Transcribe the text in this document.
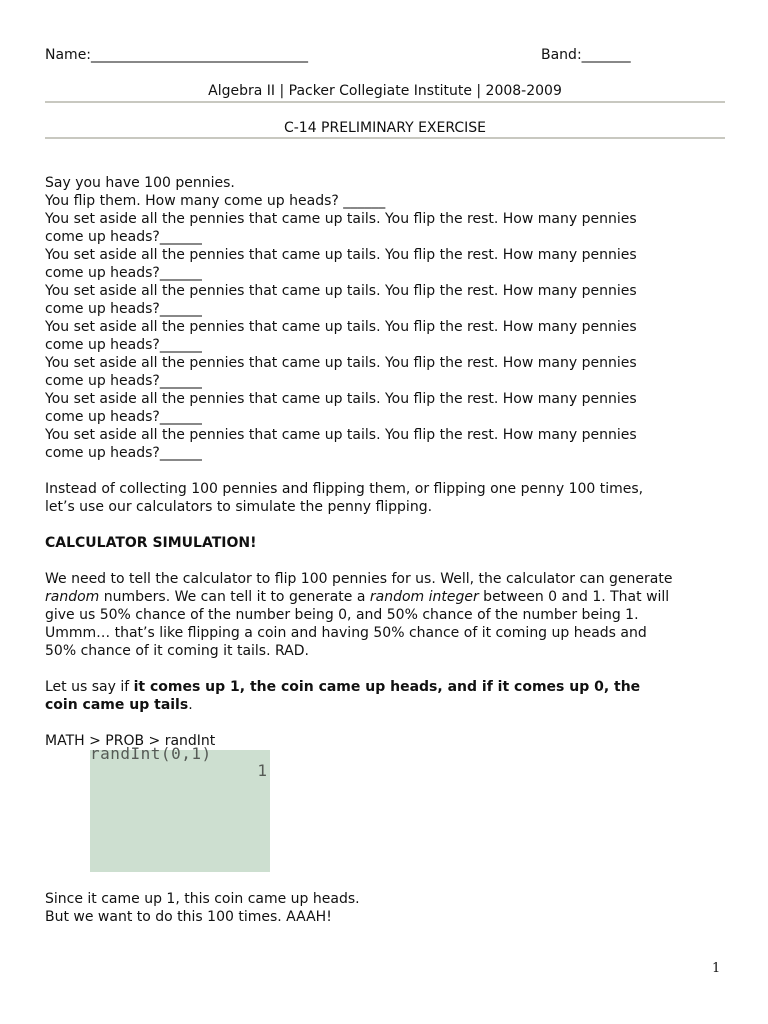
Name:_______________________________	Band:_______
Algebra II | Packer Collegiate Institute | 2008-2009
C-14 PRELIMINARY EXERCISE

Say you have 100 pennies.

You flip them. How many come up heads? ______

You set aside all the pennies that came up tails. You flip the rest. How many pennies

come up heads?______

You set aside all the pennies that came up tails. You flip the rest. How many pennies

come up heads?______

You set aside all the pennies that came up tails. You flip the rest. How many pennies

come up heads?______

You set aside all the pennies that came up tails. You flip the rest. How many pennies

come up heads?______

You set aside all the pennies that came up tails. You flip the rest. How many pennies

come up heads?______

You set aside all the pennies that came up tails. You flip the rest. How many pennies

come up heads?______

You set aside all the pennies that came up tails. You flip the rest. How many pennies

come up heads?______

Instead of collecting 100 pennies and flipping them, or flipping one penny 100 times,

let’s use our calculators to simulate the penny flipping.

CALCULATOR SIMULATION!

We need to tell the calculator to flip 100 pennies for us. Well, the calculator can generate

random numbers. We can tell it to generate a random integer between 0 and 1. That will

give us 50% chance of the number being 0, and 50% chance of the number being 1.

Ummm… that’s like flipping a coin and having 50% chance of it coming up heads and

50% chance of it coming it tails. RAD.

Let us say if it comes up 1, the coin came up heads, and if it comes up 0, the

coin came up tails.

MATH > PROB > randInt

randInt(0,1)
1

Since it came up 1, this coin came up heads.

But we want to do this 100 times. AAAH!

1
